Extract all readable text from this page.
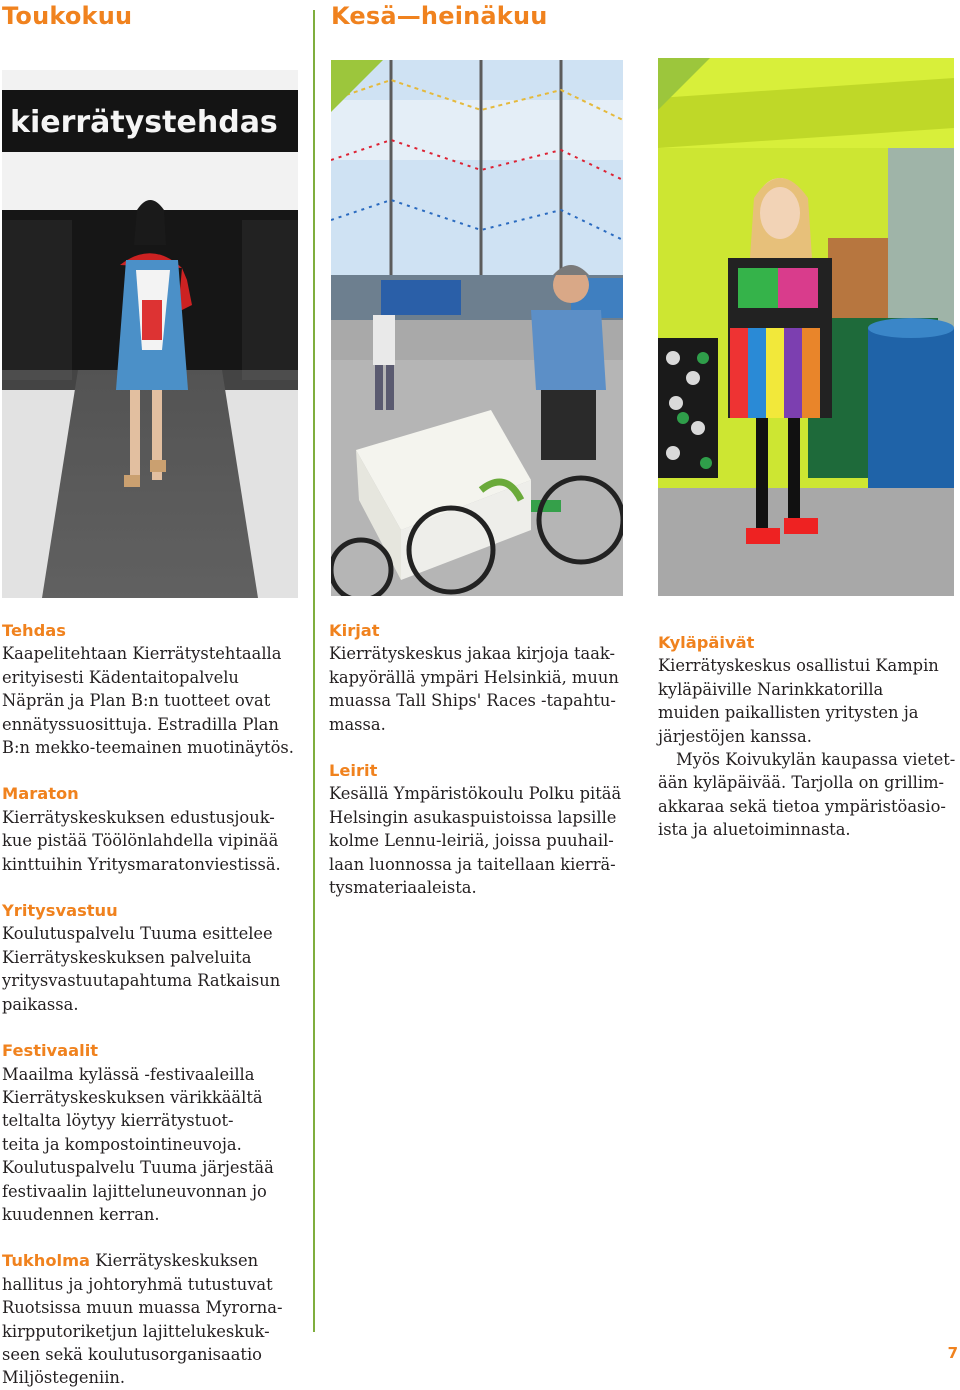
Toukokuu	Kesä—heinäkuu
kierrätystehdas
Tehdas
Kaapelitehtaan Kierrätystehtaalla
erityisesti Kädentaitopalvelu
Näprän ja Plan B:n tuotteet ovat
ennätyssuosittuja. Estradilla Plan
B:n mekko-teemainen muotinäytös.
Maraton
Kierrätyskeskuksen edustusjouk-
kue pistää Töölönlahdella vipinää
kinttuihin Yritysmaratonviestissä.
Yritysvastuu
Koulutuspalvelu Tuuma esittelee
Kierrätyskeskuksen palveluita
yritysvastuutapahtuma Ratkaisun
paikassa.
Festivaalit
Maailma kylässä -festivaaleilla
Kierrätyskeskuksen värikkäältä
teltalta löytyy kierrätystuot-
teita ja kompostointineuvoja.
Koulutuspalvelu Tuuma järjestää
festivaalin lajitteluneuvonnan jo
kuudennen kerran.
Tukholma Kierrätyskeskuksen
hallitus ja johtoryhmä tutustuvat
Ruotsissa muun muassa Myrorna-
kirpputoriketjun lajittelukeskuk-
seen sekä koulutusorganisaatio
Miljöstegeniin.
Kirjat
Kierrätyskeskus jakaa kirjoja taak-
kapyörällä ympäri Helsinkiä, muun
muassa Tall Ships' Races -tapahtu-
massa.
Leirit
Kesällä Ympäristökoulu Polku pitää
Helsingin asukaspuistoissa lapsille
kolme Lennu-leiriä, joissa puuhail-
laan luonnossa ja taitellaan kierrä-
tysmateriaaleista.
Kyläpäivät
Kierrätyskeskus osallistui Kampin
kyläpäiville Narinkkatorilla
muiden paikallisten yritysten ja
järjestöjen kanssa.
Myös Koivukylän kaupassa vietet-
ään kyläpäivää. Tarjolla on grillim-
akkaraa sekä tietoa ympäristöasio-
ista ja aluetoiminnasta.
7
